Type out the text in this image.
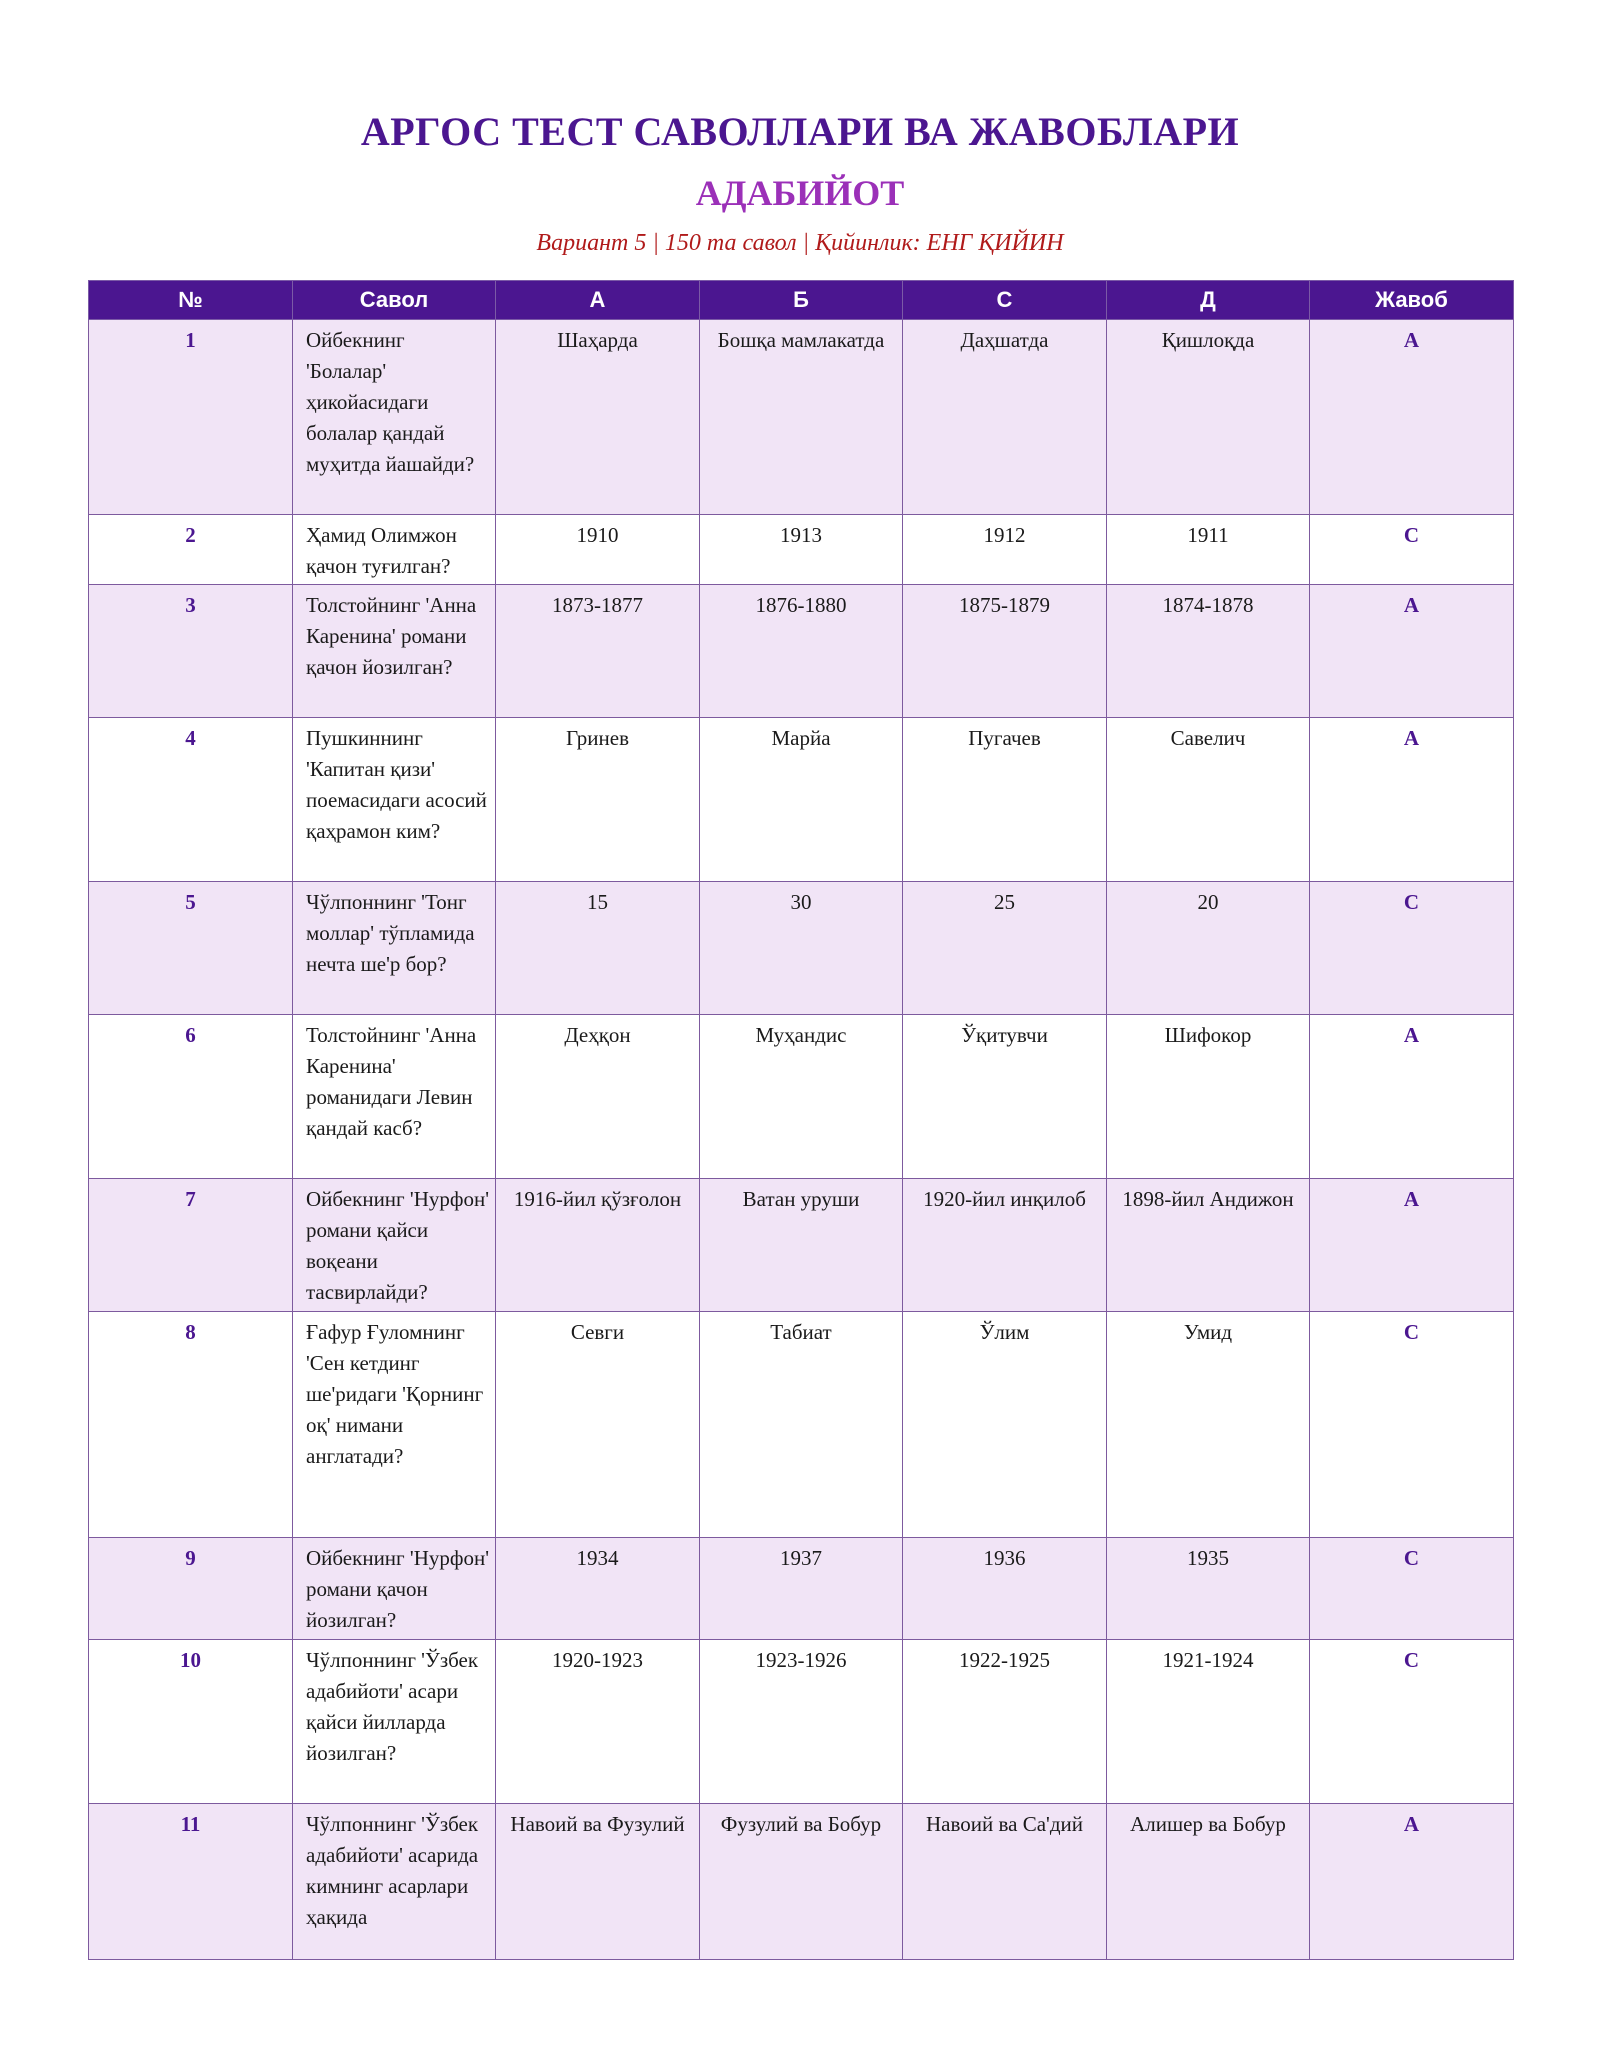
АРГОС ТЕСТ САВОЛЛАРИ ВА ЖАВОБЛАРИ
АДАБИЙОТ

Вариант 5 | 150 та савол | Қийинлик: ЕНГ ҚИЙИН

№	Савол	A	Б	C	Д	Жавоб
1	Ойбекнинг 'Болалар' ҳикойасидаги болалар қандай муҳитда йашайди?	Шаҳарда	Бошқа мамлакатда	Даҳшатда	Қишлоқда	A
2	Ҳамид Олимжон қачон туғилган?	1910	1913	1912	1911	C
3	Толстойнинг 'Анна Каренина' романи қачон йозилган?	1873-1877	1876-1880	1875-1879	1874-1878	A
4	Пушкиннинг 'Капитан қизи' поемасидаги асосий қаҳрамон ким?	Гринев	Марйа	Пугачев	Савелич	A
5	Чўлпоннинг 'Тонг моллар' тўпламида нечта ше'р бор?	15	30	25	20	C
6	Толстойнинг 'Анна Каренина' романидаги Левин қандай касб?	Деҳқон	Муҳандис	Ўқитувчи	Шифокор	A
7	Ойбекнинг 'Нурфон' романи қайси воқеани тасвирлайди?	1916-йил қўзғолон	Ватан уруши	1920-йил инқилоб	1898-йил Андижон	A
8	Ғафур Ғуломнинг 'Сен кетдинг ше'ридаги 'Қорнинг оқ' нимани англатади?	Севги	Табиат	Ўлим	Умид	C
9	Ойбекнинг 'Нурфон' романи қачон йозилган?	1934	1937	1936	1935	C
10	Чўлпоннинг 'Ўзбек адабийоти' асари қайси йилларда йозилган?	1920-1923	1923-1926	1922-1925	1921-1924	C
11	Чўлпоннинг 'Ўзбек адабийоти' асарида кимнинг асарлари ҳақида	Навоий ва Фузулий	Фузулий ва Бобур	Навоий ва Са'дий	Алишер ва Бобур	A
